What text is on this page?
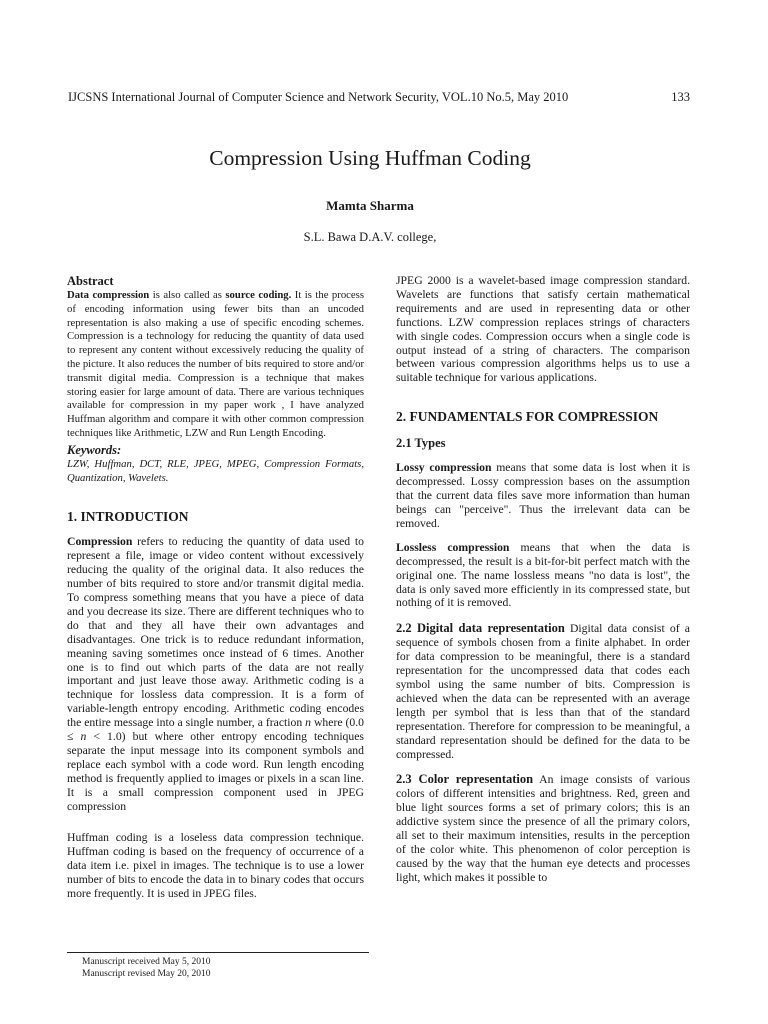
IJCSNS International Journal of Computer Science and Network Security, VOL.10 No.5, May 2010	133
Compression Using Huffman Coding
Mamta Sharma
S.L. Bawa D.A.V. college,
Abstract

Data compression is also called as source coding. It is the process of encoding information using fewer bits than an uncoded representation is also making a use of specific encoding schemes. Compression is a technology for reducing the quantity of data used to represent any content without excessively reducing the quality of the picture. It also reduces the number of bits required to store and/or transmit digital media. Compression is a technique that makes storing easier for large amount of data. There are various techniques available for compression in my paper work , I have analyzed Huffman algorithm and compare it with other common compression techniques like Arithmetic, LZW and Run Length Encoding.

Keywords:

LZW, Huffman, DCT, RLE, JPEG, MPEG, Compression Formats, Quantization, Wavelets.

1. INTRODUCTION

Compression refers to reducing the quantity of data used to represent a file, image or video content without excessively reducing the quality of the original data. It also reduces the number of bits required to store and/or transmit digital media. To compress something means that you have a piece of data and you decrease its size. There are different techniques who to do that and they all have their own advantages and disadvantages. One trick is to reduce redundant information, meaning saving sometimes once instead of 6 times. Another one is to find out which parts of the data are not really important and just leave those away. Arithmetic coding is a technique for lossless data compression. It is a form of variable-length entropy encoding. Arithmetic coding encodes the entire message into a single number, a fraction n where (0.0 ≤ n < 1.0) but where other entropy encoding techniques separate the input message into its component symbols and replace each symbol with a code word. Run length encoding method is frequently applied to images or pixels in a scan line. It is a small compression component used in JPEG compression

Huffman coding is a loseless data compression technique. Huffman coding is based on the frequency of occurrence of a data item i.e. pixel in images. The technique is to use a lower number of bits to encode the data in to binary codes that occurs more frequently. It is used in JPEG files.

JPEG 2000 is a wavelet-based image compression standard. Wavelets are functions that satisfy certain mathematical requirements and are used in representing data or other functions. LZW compression replaces strings of characters with single codes. Compression occurs when a single code is output instead of a string of characters. The comparison between various compression algorithms helps us to use a suitable technique for various applications.

2. FUNDAMENTALS FOR COMPRESSION
2.1 Types

Lossy compression means that some data is lost when it is decompressed. Lossy compression bases on the assumption that the current data files save more information than human beings can "perceive". Thus the irrelevant data can be removed.

Lossless compression means that when the data is decompressed, the result is a bit-for-bit perfect match with the original one. The name lossless means "no data is lost", the data is only saved more efficiently in its compressed state, but nothing of it is removed.

2.2 Digital data representation Digital data consist of a sequence of symbols chosen from a finite alphabet. In order for data compression to be meaningful, there is a standard representation for the uncompressed data that codes each symbol using the same number of bits. Compression is achieved when the data can be represented with an average length per symbol that is less than that of the standard representation. Therefore for compression to be meaningful, a standard representation should be defined for the data to be compressed.

2.3 Color representation An image consists of various colors of different intensities and brightness. Red, green and blue light sources forms a set of primary colors; this is an addictive system since the presence of all the primary colors, all set to their maximum intensities, results in the perception of the color white. This phenomenon of color perception is caused by the way that the human eye detects and processes light, which makes it possible to

Manuscript received May 5, 2010
Manuscript revised May 20, 2010
